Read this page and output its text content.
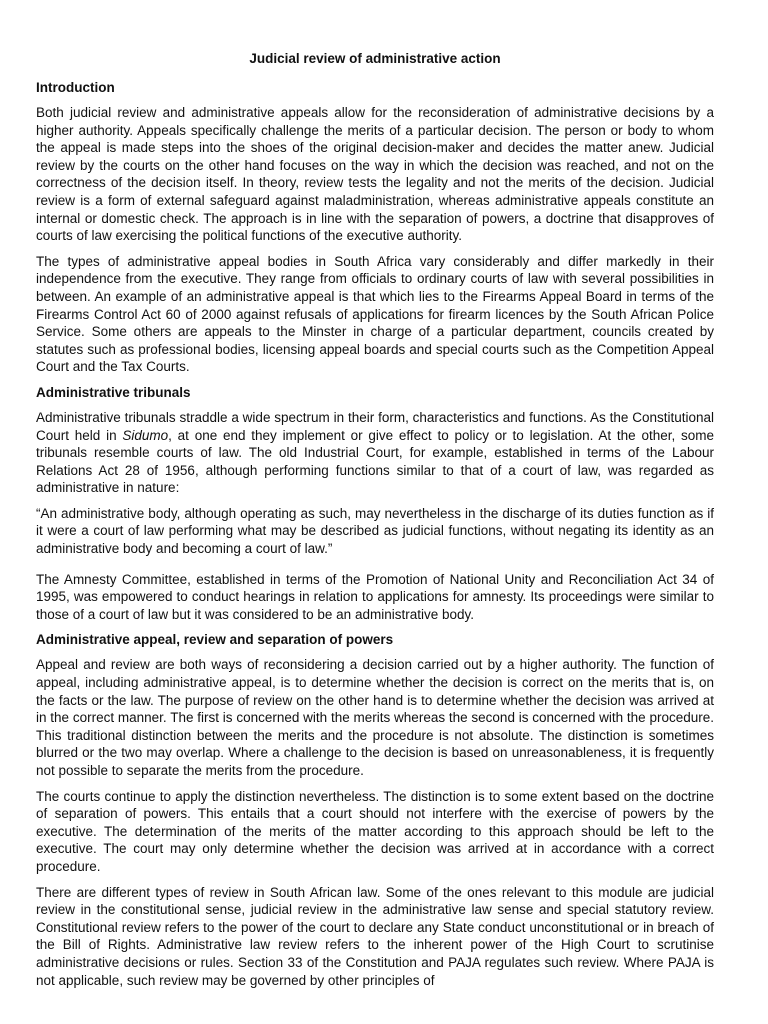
Judicial review of administrative action
Introduction

Both judicial review and administrative appeals allow for the reconsideration of administrative decisions by a higher authority. Appeals specifically challenge the merits of a particular decision. The person or body to whom the appeal is made steps into the shoes of the original decision-maker and decides the matter anew. Judicial review by the courts on the other hand focuses on the way in which the decision was reached, and not on the correctness of the decision itself. In theory, review tests the legality and not the merits of the decision. Judicial review is a form of external safeguard against maladministration, whereas administrative appeals constitute an internal or domestic check. The approach is in line with the separation of powers, a doctrine that disapproves of courts of law exercising the political functions of the executive authority.

The types of administrative appeal bodies in South Africa vary considerably and differ markedly in their independence from the executive. They range from officials to ordinary courts of law with several possibilities in between. An example of an administrative appeal is that which lies to the Firearms Appeal Board in terms of the Firearms Control Act 60 of 2000 against refusals of applications for firearm licences by the South African Police Service. Some others are appeals to the Minster in charge of a particular department, councils created by statutes such as professional bodies, licensing appeal boards and special courts such as the Competition Appeal Court and the Tax Courts.

Administrative tribunals

Administrative tribunals straddle a wide spectrum in their form, characteristics and functions. As the Constitutional Court held in Sidumo, at one end they implement or give effect to policy or to legislation. At the other, some tribunals resemble courts of law. The old Industrial Court, for example, established in terms of the Labour Relations Act 28 of 1956, although performing functions similar to that of a court of law, was regarded as administrative in nature:

“An administrative body, although operating as such, may nevertheless in the discharge of its duties function as if it were a court of law performing what may be described as judicial functions, without negating its identity as an administrative body and becoming a court of law.”

The Amnesty Committee, established in terms of the Promotion of National Unity and Reconciliation Act 34 of 1995, was empowered to conduct hearings in relation to applications for amnesty. Its proceedings were similar to those of a court of law but it was considered to be an administrative body.

Administrative appeal, review and separation of powers

Appeal and review are both ways of reconsidering a decision carried out by a higher authority. The function of appeal, including administrative appeal, is to determine whether the decision is correct on the merits that is, on the facts or the law. The purpose of review on the other hand is to determine whether the decision was arrived at in the correct manner. The first is concerned with the merits whereas the second is concerned with the procedure. This traditional distinction between the merits and the procedure is not absolute. The distinction is sometimes blurred or the two may overlap. Where a challenge to the decision is based on unreasonableness, it is frequently not possible to separate the merits from the procedure.

The courts continue to apply the distinction nevertheless. The distinction is to some extent based on the doctrine of separation of powers. This entails that a court should not interfere with the exercise of powers by the executive. The determination of the merits of the matter according to this approach should be left to the executive. The court may only determine whether the decision was arrived at in accordance with a correct procedure.

There are different types of review in South African law. Some of the ones relevant to this module are judicial review in the constitutional sense, judicial review in the administrative law sense and special statutory review. Constitutional review refers to the power of the court to declare any State conduct unconstitutional or in breach of the Bill of Rights. Administrative law review refers to the inherent power of the High Court to scrutinise administrative decisions or rules. Section 33 of the Constitution and PAJA regulates such review. Where PAJA is not applicable, such review may be governed by other principles of
